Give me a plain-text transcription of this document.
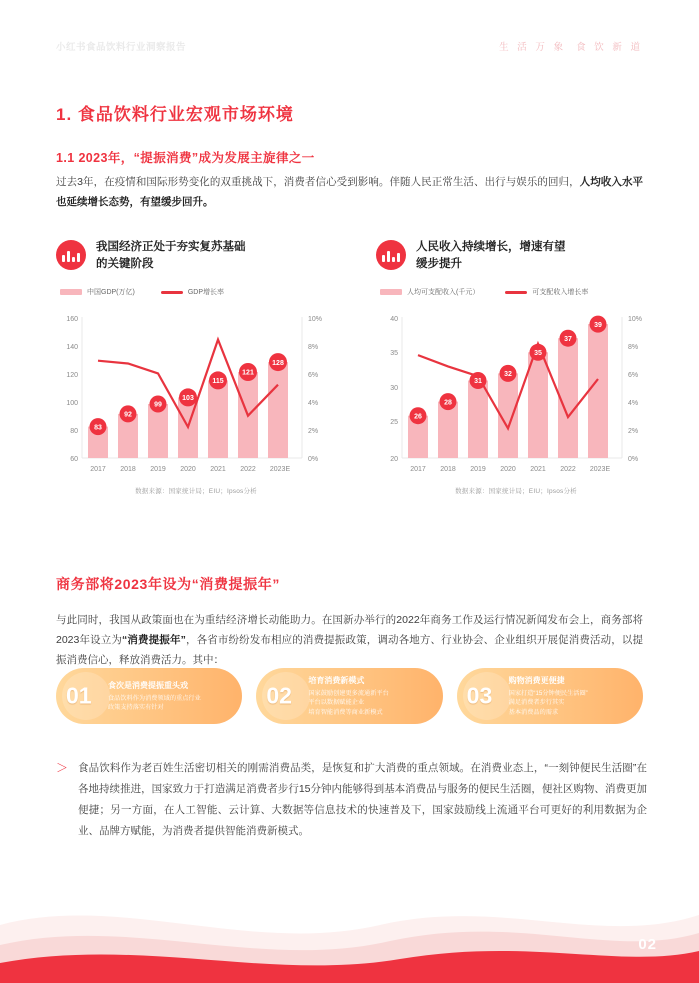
小红书食品饮料行业洞察报告	生 活 万 象 食 饮 新 道
1. 食品饮料行业宏观市场环境
1.1 2023年，“提振消费”成为发展主旋律之一
过去3年，在疫情和国际形势变化的双重挑战下，消费者信心受到影响。伴随人民正常生活、出行与娱乐的回归，人均收入水平也延续增长态势，有望缓步回升。
我国经济正处于夯实复苏基础
的关键阶段
中国GDP(万亿)	GDP增长率
160
140
120
100
80
60
10%
8%
6%
4%
2%
0%
83
92
99
103
115
121
128
2017 2018 2019 2020 2021 2022 2023E
数据来源：国家统计局；EIU；Ipsos分析
人民收入持续增长，增速有望
缓步提升
人均可支配收入(千元）	可支配收入增长率
40
35
30
25
20
10%
8%
6%
4%
2%
0%
26
28
31
32
35
37
39
2017 2018 2019 2020 2021 2022 2023E
数据来源：国家统计局；EIU；Ipsos分析
商务部将2023年设为“消费提振年”
与此同时，我国从政策面也在为重结经济增长动能助力。在国新办举行的2022年商务工作及运行情况新闻发布会上，商务部将2023年设立为“消费提振年”，各省市纷纷发布相应的消费提振政策，调动各地方、行业协会、企业组织开展促消费活动，以提振消费信心，释放消费活力。其中：
01 食次是消费提振重头戏
食品饮料作为消费领域的重点行业
政策支持落实有针对	02
培育消费新模式
国家鼓励创建更多流通新平台
平台以数据赋能企业
培育智能消费等商业新模式
03
购物消费更便捷
国家打造“15分钟便民生活圈”
满足消费者步行其实
基本消费品的需求
＞ 食品饮料作为老百姓生活密切相关的刚需消费品类，是恢复和扩大消费的重点领域。在消费业态上，“一刻钟便民生活圈”在各地持续推进，国家致力于打造满足消费者步行15分钟内能够得到基本消费品与服务的便民生活圈，便社区购物、消费更加便捷；另一方面，在人工智能、云计算、大数据等信息技术的快速普及下，国家鼓励线上流通平台可更好的利用数据为企业、品牌方赋能，为消费者提供智能消费新模式。
02
